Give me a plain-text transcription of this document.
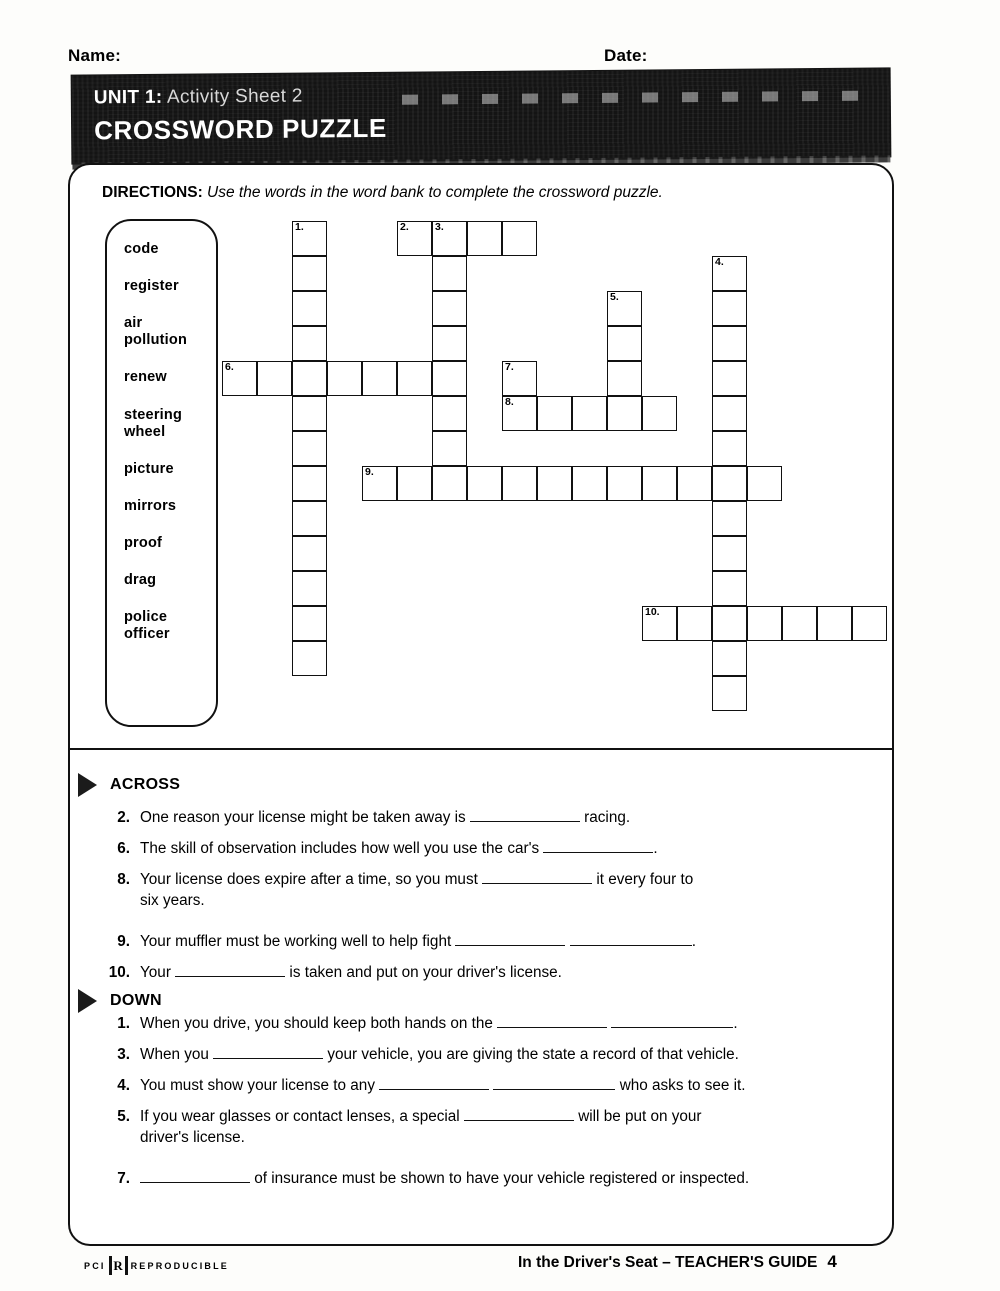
Name:	Date:
UNIT 1: Activity Sheet 2
CROSSWORD PUZZLE
DIRECTIONS: Use the words in the word bank to complete the crossword puzzle.
code
register
air
pollution
renew
steering
wheel
picture
mirrors
proof
drag
police
officer
1.	2. 3.
4.
5.
6.	7.
8.
9.
10.
ACROSS
2. One reason your license might be taken away is	racing.
6. The skill of observation includes how well you use the car's	.
8. Your license does expire after a time, so you must	it every four to
six years.
9. Your muffler must be working well to help fight	.
10. Your	is taken and put on your driver's license.
DOWN
1. When you drive, you should keep both hands on the	.
3. When you	your vehicle, you are giving the state a record of that vehicle.
4. You must show your license to any	who asks to see it.
5. If you wear glasses or contact lenses, a special	will be put on your
driver's license.
7.	of insurance must be shown to have your vehicle registered or inspected.
PCI R REPRODUCIBLE	In the Driver's Seat – TEACHER'S GUIDE 4
